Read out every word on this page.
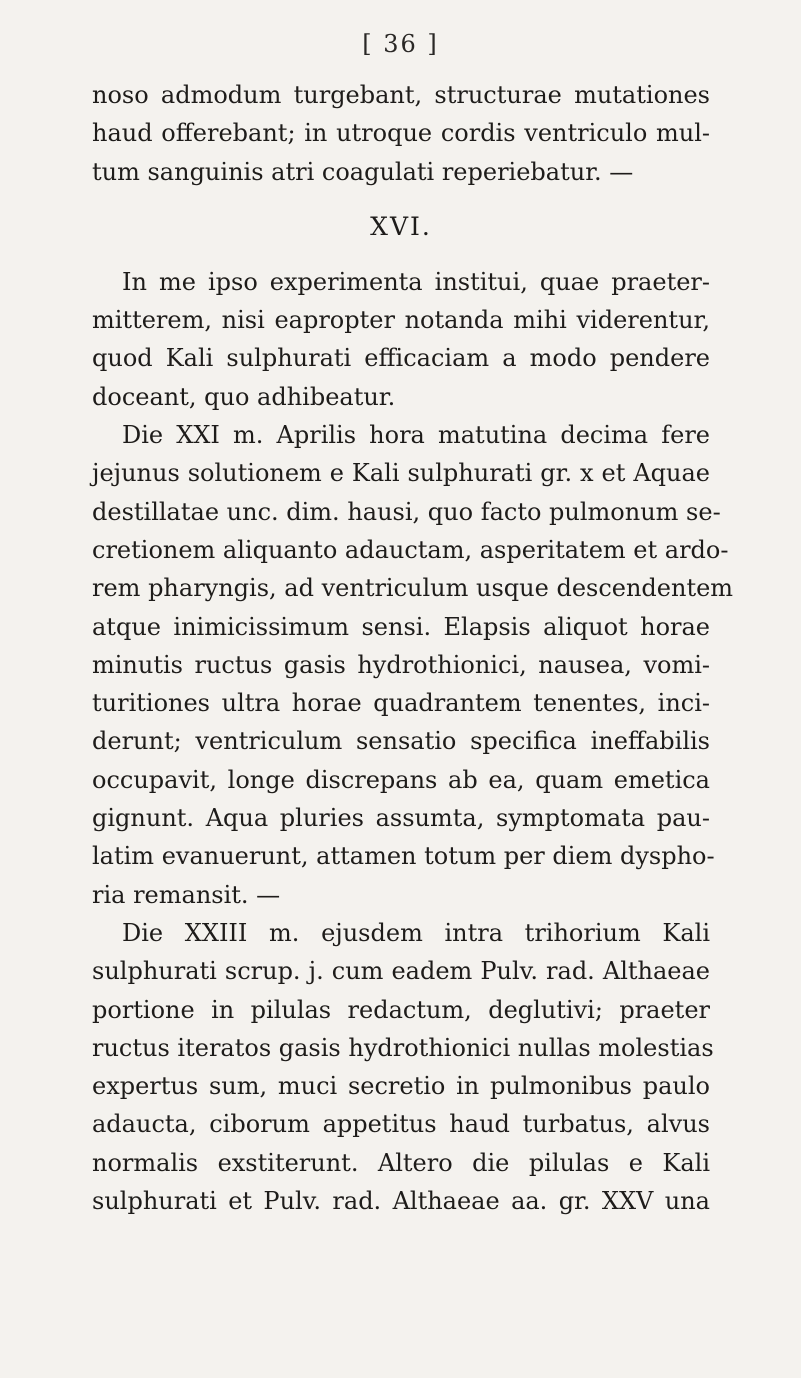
[ 36 ]
noso admodum turgebant, structurae mutationes
haud offerebant; in utroque cordis ventriculo mul-
tum sanguinis atri coagulati reperiebatur. —
XVI.
In me ipso experimenta institui, quae praeter-
mitterem, nisi eapropter notanda mihi viderentur,
quod Kali sulphurati efficaciam a modo pendere
doceant, quo adhibeatur.
Die XXI m. Aprilis hora matutina decima fere
jejunus solutionem e Kali sulphurati gr. x et Aquae
destillatae unc. dim. hausi, quo facto pulmonum se-
cretionem aliquanto adauctam, asperitatem et ardo-
rem pharyngis, ad ventriculum usque descendentem
atque inimicissimum sensi. Elapsis aliquot horae
minutis ructus gasis hydrothionici, nausea, vomi-
turitiones ultra horae quadrantem tenentes, inci-
derunt; ventriculum sensatio specifica ineffabilis
occupavit, longe discrepans ab ea, quam emetica
gignunt. Aqua pluries assumta, symptomata pau-
latim evanuerunt, attamen totum per diem dyspho-
ria remansit. —
Die XXIII m. ejusdem intra trihorium Kali
sulphurati scrup. j. cum eadem Pulv. rad. Althaeae
portione in pilulas redactum, deglutivi; praeter
ructus iteratos gasis hydrothionici nullas molestias
expertus sum, muci secretio in pulmonibus paulo
adaucta, ciborum appetitus haud turbatus, alvus
normalis exstiterunt. Altero die pilulas e Kali
sulphurati et Pulv. rad. Althaeae aa. gr. XXV una
